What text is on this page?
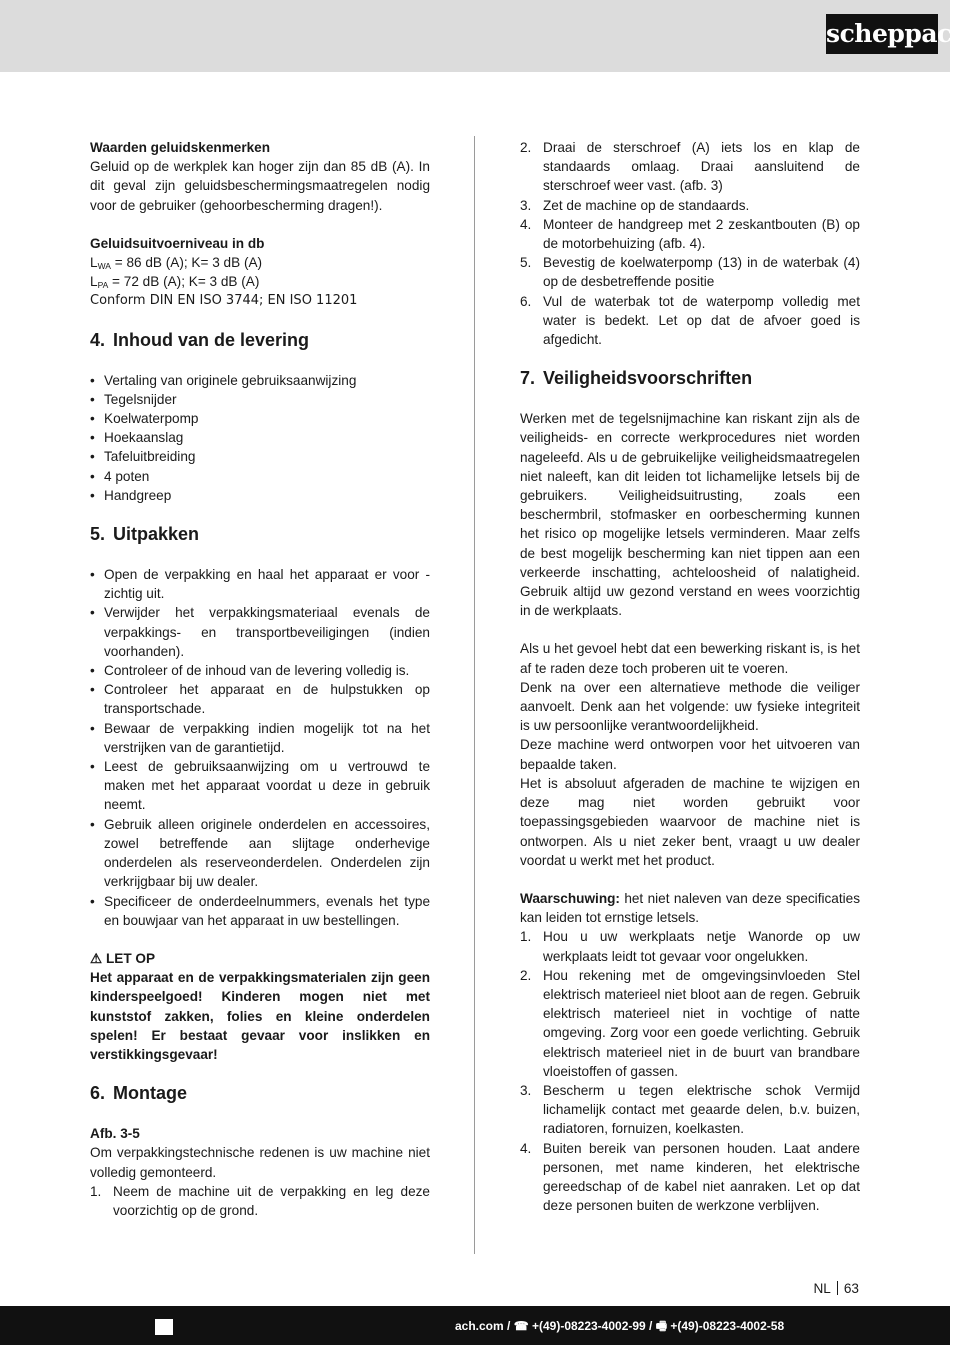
scheppach

Waarden geluidskenmerken

Geluid op de werkplek kan hoger zijn dan 85 dB (A). In dit geval zijn geluidsbeschermingsmaatregelen nodig voor de gebruiker (gehoorbescherming dragen!).

Geluidsuitvoerniveau in db

$L_{WA} = 86$ dB (A); K= 3 dB (A)

$L_{PA} = 72$ dB (A); K= 3 dB (A)

Conform DIN EN ISO 3744; EN ISO 11201

4. Inhoud van de levering
• Vertaling van originele gebruiksaanwijzing
• Tegelsnijder
• Koelwaterpomp
• Hoekaanslag
• Tafeluitbreiding
• 4 poten
• Handgreep
5. Uitpakken
• Open de verpakking en haal het apparaat er voor - zichtig uit.
• Verwijder het verpakkingsmateriaal evenals de verpakkings- en transportbeveiligingen (indien voorhanden).
• Controleer of de inhoud van de levering volledig is.
• Controleer het apparaat en de hulpstukken op transportschade.
• Bewaar de verpakking indien mogelijk tot na het verstrijken van de garantietijd.
• Leest de gebruiksaanwijzing om u vertrouwd te maken met het apparaat voordat u deze in gebruik neemt.
• Gebruik alleen originele onderdelen en accessoires, zowel betreffende aan slijtage onderhevige onderdelen als reserveonderdelen. Onderdelen zijn verkrijgbaar bij uw dealer.
• Specificeer de onderdeelnummers, evenals het type en bouwjaar van het apparaat in uw bestellingen.

⚠ LET OP

Het apparaat en de verpakkingsmaterialen zijn geen kinderspeelgoed! Kinderen mogen niet met kunststof zakken, folies en kleine onderdelen spelen! Er bestaat gevaar voor inslikken en verstikkingsgevaar!

6. Montage

Afb. 3-5

Om verpakkingstechnische redenen is uw machine niet volledig gemonteerd.

1. Neem de machine uit de verpakking en leg deze voorzichtig op de grond.
2. Draai de sterschroef (A) iets los en klap de standaards omlaag. Draai aansluitend de sterschroef weer vast. (afb. 3)
3. Zet de machine op de standaards.
4. Monteer de handgreep met 2 zeskantbouten (B) op de motorbehuizing (afb. 4).
5. Bevestig de koelwaterpomp (13) in de waterbak (4) op de desbetreffende positie
6. Vul de waterbak tot de waterpomp volledig met water is bedekt. Let op dat de afvoer goed is afgedicht.
7. Veiligheidsvoorschriften

Werken met de tegelsnijmachine kan riskant zijn als de veiligheids- en correcte werkprocedures niet worden nageleefd. Als u de gebruikelijke veiligheidsmaatregelen niet naleeft, kan dit leiden tot lichamelijke letsels bij de gebruikers. Veiligheidsuitrusting, zoals een beschermbril, stofmasker en oorbescherming kunnen het risico op mogelijke letsels verminderen. Maar zelfs de best mogelijk bescherming kan niet tippen aan een verkeerde inschatting, achteloosheid of nalatigheid. Gebruik altijd uw gezond verstand en wees voorzichtig in de werkplaats.

Als u het gevoel hebt dat een bewerking riskant is, is het af te raden deze toch proberen uit te voeren.

Denk na over een alternatieve methode die veiliger aanvoelt. Denk aan het volgende: uw fysieke integriteit is uw persoonlijke verantwoordelijkheid.

Deze machine werd ontworpen voor het uitvoeren van bepaalde taken.

Het is absoluut afgeraden de machine te wijzigen en deze mag niet worden gebruikt voor toepassingsgebieden waarvoor de machine niet is ontworpen. Als u niet zeker bent, vraagt u uw dealer voordat u werkt met het product.

Waarschuwing: het niet naleven van deze specificaties kan leiden tot ernstige letsels.

1. Hou u uw werkplaats netje Wanorde op uw werkplaats leidt tot gevaar voor ongelukken.
2. Hou rekening met de omgevingsinvloeden Stel elektrisch materieel niet bloot aan de regen. Gebruik elektrisch materieel niet in vochtige of natte omgeving. Zorg voor een goede verlichting. Gebruik elektrisch materieel niet in de buurt van brandbare vloeistoffen of gassen.
3. Bescherm u tegen elektrische schok Vermijd lichamelijk contact met geaarde delen, b.v. buizen, radiatoren, fornuizen, koelkasten.
4. Buiten bereik van personen houden. Laat andere personen, met name kinderen, het elektrische gereedschap of de kabel niet aanraken. Let op dat deze personen buiten de werkzone verblijven.
NL 63
ach.com / ☎ +(49)-08223-4002-99 / 🖷 +(49)-08223-4002-58
